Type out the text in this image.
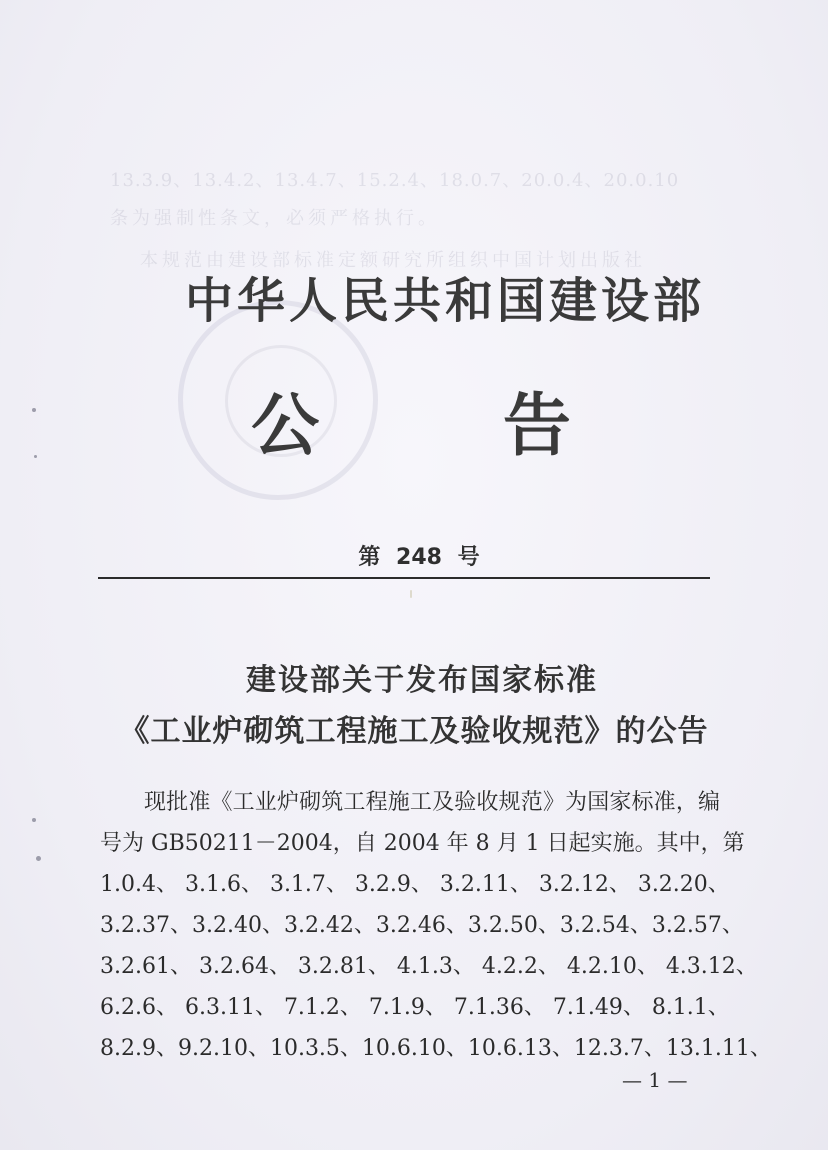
13.3.9、13.4.2、13.4.7、15.2.4、18.0.7、20.0.4、20.0.10
条为强制性条文，必须严格执行。
本规范由建设部标准定额研究所组织中国计划出版社
中华人民共和国建设部
公 告
第 248 号
建设部关于发布国家标准
《工业炉砌筑工程施工及验收规范》的公告
现批准《工业炉砌筑工程施工及验收规范》为国家标准，编
号为 GB50211－2004，自 2004 年 8 月 1 日起实施。其中，第
1.0.4、 3.1.6、 3.1.7、 3.2.9、 3.2.11、 3.2.12、 3.2.20、
3.2.37、3.2.40、3.2.42、3.2.46、3.2.50、3.2.54、3.2.57、
3.2.61、 3.2.64、 3.2.81、 4.1.3、 4.2.2、 4.2.10、 4.3.12、
6.2.6、 6.3.11、 7.1.2、 7.1.9、 7.1.36、 7.1.49、 8.1.1、
8.2.9、9.2.10、10.3.5、10.6.10、10.6.13、12.3.7、13.1.11、
— 1 —
